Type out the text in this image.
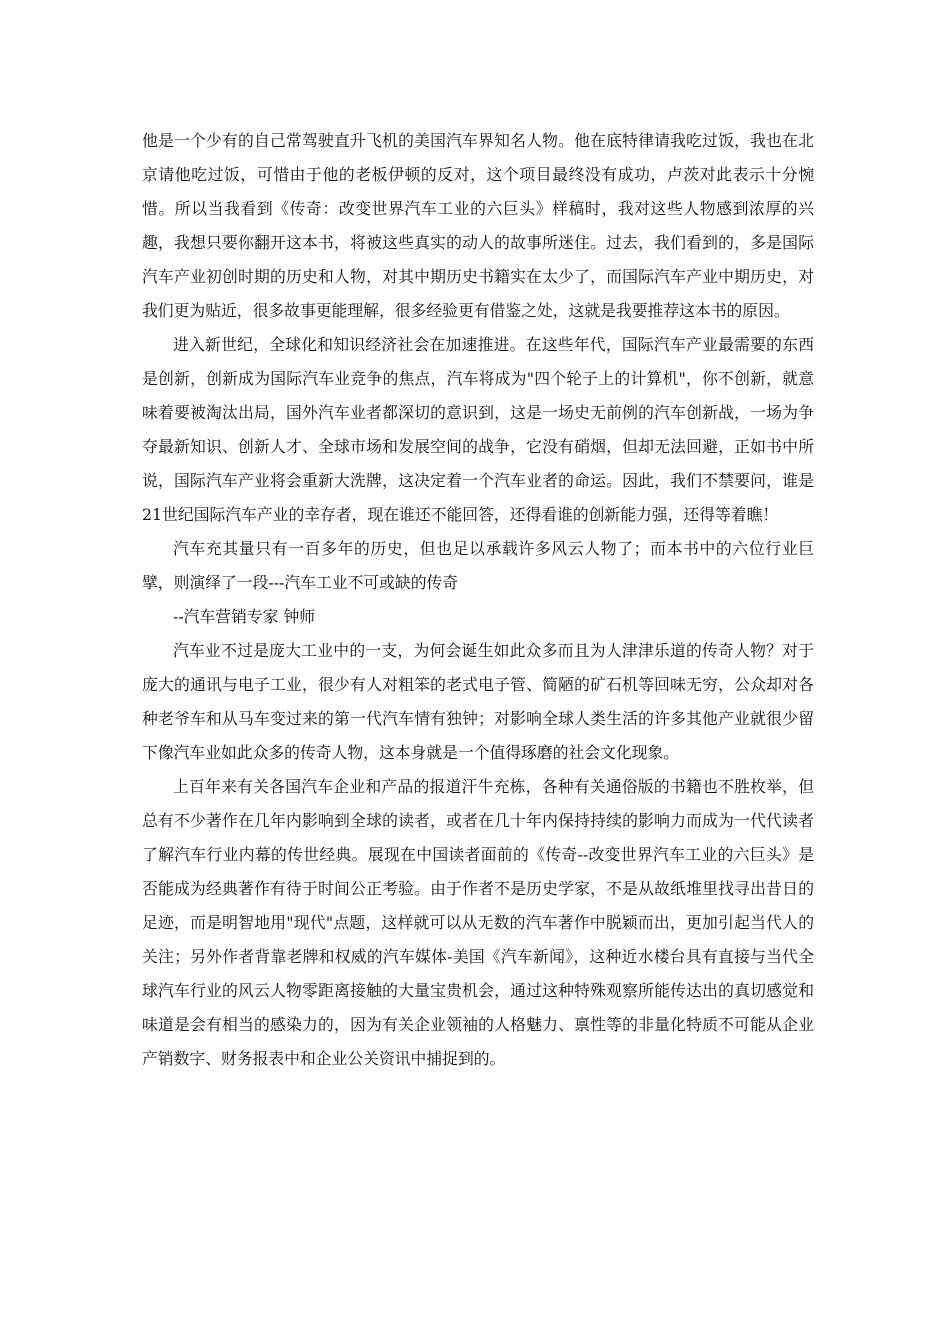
他是一个少有的自己常驾驶直升飞机的美国汽车界知名人物。他在底特律请我吃过饭，我也在北京请他吃过饭，可惜由于他的老板伊顿的反对，这个项目最终没有成功，卢茨对此表示十分惋惜。所以当我看到《传奇：改变世界汽车工业的六巨头》样稿时，我对这些人物感到浓厚的兴趣，我想只要你翻开这本书，将被这些真实的动人的故事所迷住。过去，我们看到的，多是国际汽车产业初创时期的历史和人物，对其中期历史书籍实在太少了，而国际汽车产业中期历史，对我们更为贴近，很多故事更能理解，很多经验更有借鉴之处，这就是我要推荐这本书的原因。

进入新世纪，全球化和知识经济社会在加速推进。在这些年代，国际汽车产业最需要的东西是创新，创新成为国际汽车业竞争的焦点，汽车将成为"四个轮子上的计算机"，你不创新，就意味着要被淘汰出局，国外汽车业者都深切的意识到，这是一场史无前例的汽车创新战，一场为争夺最新知识、创新人才、全球市场和发展空间的战争，它没有硝烟，但却无法回避，正如书中所说，国际汽车产业将会重新大洗牌，这决定着一个汽车业者的命运。因此，我们不禁要问，谁是21世纪国际汽车产业的幸存者，现在谁还不能回答，还得看谁的创新能力强，还得等着瞧！

汽车充其量只有一百多年的历史，但也足以承载许多风云人物了；而本书中的六位行业巨擘，则演绎了一段---汽车工业不可或缺的传奇

--汽车营销专家 钟师

汽车业不过是庞大工业中的一支，为何会诞生如此众多而且为人津津乐道的传奇人物？对于庞大的通讯与电子工业，很少有人对粗笨的老式电子管、简陋的矿石机等回味无穷，公众却对各种老爷车和从马车变过来的第一代汽车情有独钟；对影响全球人类生活的许多其他产业就很少留下像汽车业如此众多的传奇人物，这本身就是一个值得琢磨的社会文化现象。

上百年来有关各国汽车企业和产品的报道汗牛充栋，各种有关通俗版的书籍也不胜枚举，但总有不少著作在几年内影响到全球的读者，或者在几十年内保持持续的影响力而成为一代代读者了解汽车行业内幕的传世经典。展现在中国读者面前的《传奇--改变世界汽车工业的六巨头》是否能成为经典著作有待于时间公正考验。由于作者不是历史学家，不是从故纸堆里找寻出昔日的足迹，而是明智地用"现代"点题，这样就可以从无数的汽车著作中脱颖而出，更加引起当代人的关注；另外作者背靠老牌和权威的汽车媒体-美国《汽车新闻》，这种近水楼台具有直接与当代全球汽车行业的风云人物零距离接触的大量宝贵机会，通过这种特殊观察所能传达出的真切感觉和味道是会有相当的感染力的，因为有关企业领袖的人格魅力、禀性等的非量化特质不可能从企业产销数字、财务报表中和企业公关资讯中捕捉到的。
